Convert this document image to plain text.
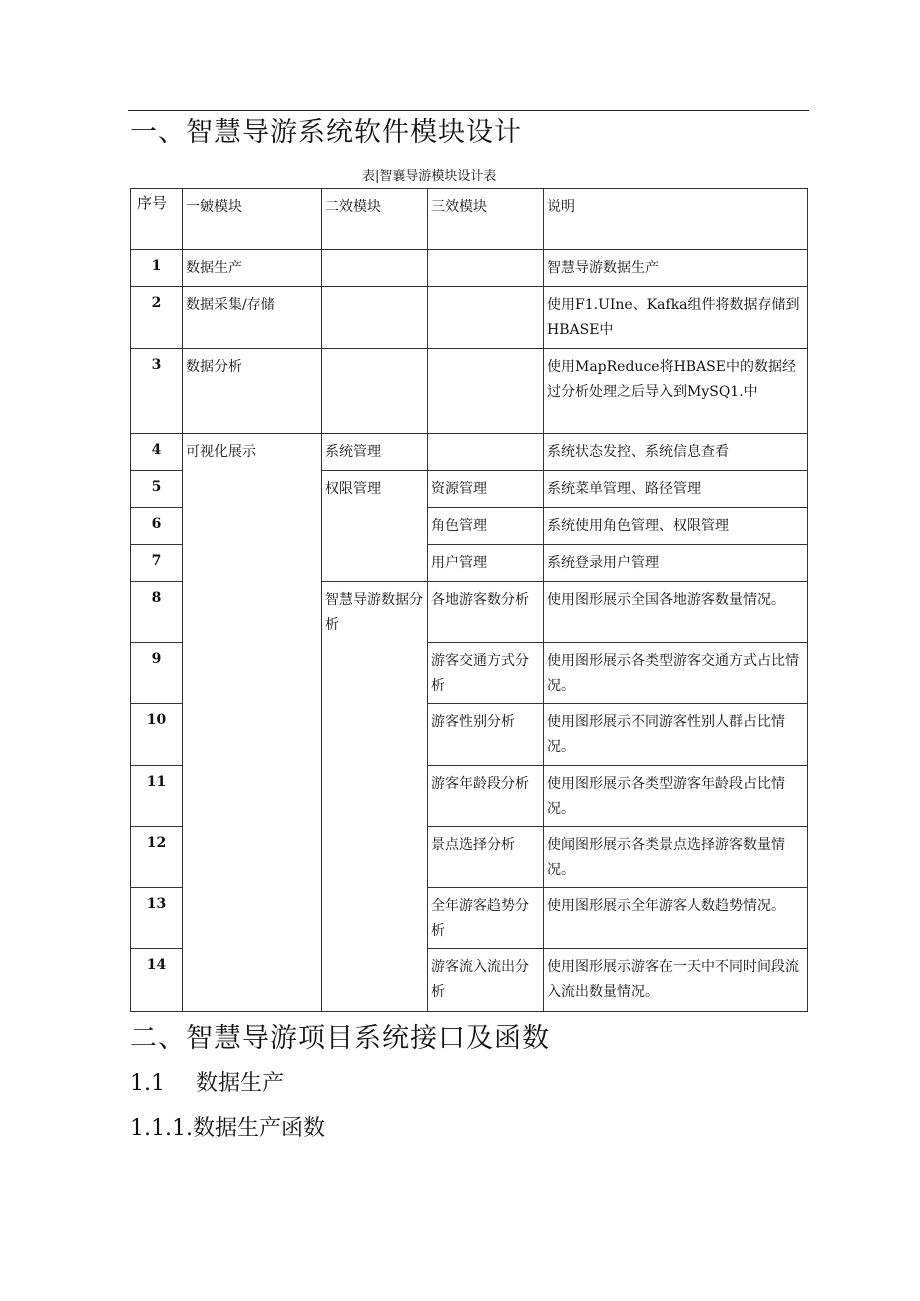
一、智慧导游系统软件模块设计
表|智襄导游模块设计表
序号	一皴模块	二效模块	三效模块	说明
1	数据生产			智慧导游数据生产
2	数据采集/存储			使用F1.UIne、Kafka组件将数据存储到HBASE中
3	数据分析			使用MapReduce将HBASE中的数据经过分析处理之后导入到MySQ1.中
4	可视化展示	系统管理		系统状态发控、系统信息查看
5		权限管理	资源管理	系统菜单管理、路径管理
6			角色管理	系统使用角色管理、权限管理
7			用户管理	系统登录用户管理
8		智慧导游数据分析	各地游客数分析	使用图形展示全国各地游客数量情况。
9			游客交通方式分析	使用图形展示各类型游客交通方式占比情况。
10			游客性别分析	使用图形展示不同游客性别人群占比情况。
11			游客年龄段分析	使用图形展示各类型游客年龄段占比情况。
12			景点选择分析	使闻图形展示各类景点选择游客数量情况。
13			全年游客趋势分析	使用图形展示全年游客人数趋势情况。
14			游客流入流出分析	使用图形展示游客在一天中不同时间段流入流出数量情况。
二、智慧导游项目系统接口及函数
1.1 数据生产
1.1.1.数据生产函数
